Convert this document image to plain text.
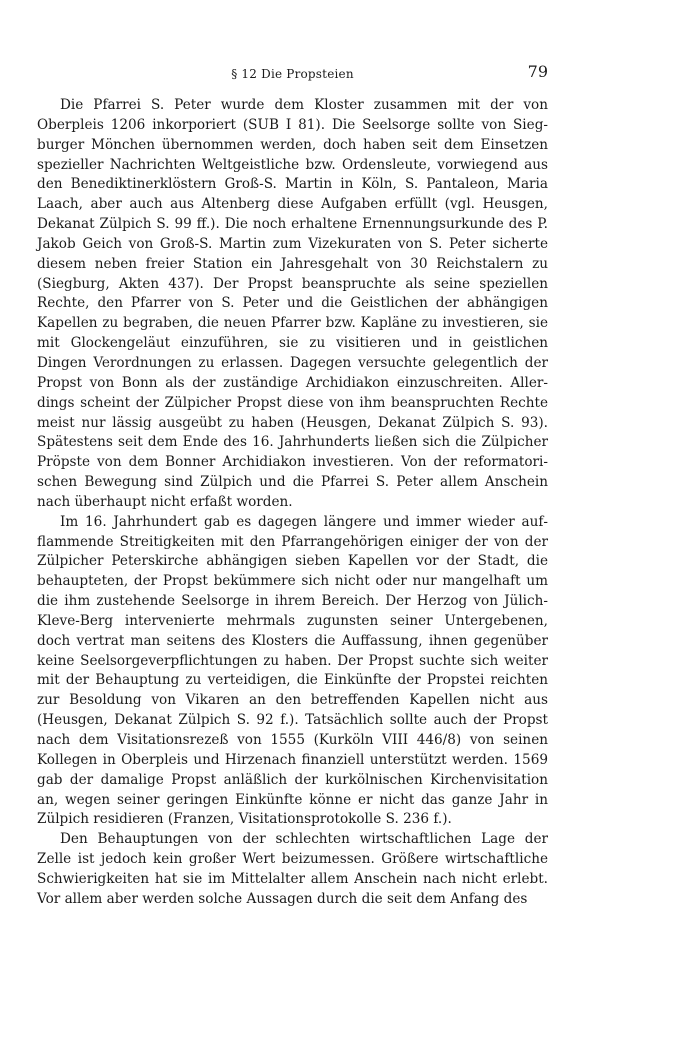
§ 12 Die Propsteien	79

Die Pfarrei S. Peter wurde dem Kloster zusammen mit der von Oberpleis 1206 inkorporiert (SUB I 81). Die Seelsorge sollte von Siegburger Mönchen übernommen werden, doch haben seit dem Einsetzen spezieller Nachrichten Weltgeistliche bzw. Ordensleute, vorwiegend aus den Benediktinerklöstern Groß-S. Martin in Köln, S. Pantaleon, Maria Laach, aber auch aus Altenberg diese Aufgaben erfüllt (vgl. Heusgen, Dekanat Zülpich S. 99 ff.). Die noch erhaltene Ernennungsurkunde des P. Jakob Geich von Groß-S. Martin zum Vizekuraten von S. Peter sicherte diesem neben freier Station ein Jahresgehalt von 30 Reichstalern zu (Siegburg, Akten 437). Der Propst beanspruchte als seine speziellen Rechte, den Pfarrer von S. Peter und die Geistlichen der abhängigen Kapellen zu begraben, die neuen Pfarrer bzw. Kapläne zu investieren, sie mit Glockengeläut einzuführen, sie zu visitieren und in geistlichen Dingen Verordnungen zu erlassen. Dagegen versuchte gelegentlich der Propst von Bonn als der zuständige Archidiakon einzuschreiten. Allerdings scheint der Zülpicher Propst diese von ihm beanspruchten Rechte meist nur lässig ausgeübt zu haben (Heusgen, Dekanat Zülpich S. 93). Spätestens seit dem Ende des 16. Jahrhunderts ließen sich die Zülpicher Pröpste von dem Bonner Archidiakon investieren. Von der reformatorischen Bewegung sind Zülpich und die Pfarrei S. Peter allem Anschein nach überhaupt nicht erfaßt worden.

Im 16. Jahrhundert gab es dagegen längere und immer wieder aufflammende Streitigkeiten mit den Pfarrangehörigen einiger der von der Zülpicher Peterskirche abhängigen sieben Kapellen vor der Stadt, die behaupteten, der Propst bekümmere sich nicht oder nur mangelhaft um die ihm zustehende Seelsorge in ihrem Bereich. Der Herzog von Jülich-Kleve-Berg intervenierte mehrmals zugunsten seiner Untergebenen, doch vertrat man seitens des Klosters die Auffassung, ihnen gegenüber keine Seelsorgeverpflichtungen zu haben. Der Propst suchte sich weiter mit der Behauptung zu verteidigen, die Einkünfte der Propstei reichten zur Besoldung von Vikaren an den betreffenden Kapellen nicht aus (Heusgen, Dekanat Zülpich S. 92 f.). Tatsächlich sollte auch der Propst nach dem Visitationsrezeß von 1555 (Kurköln VIII 446/8) von seinen Kollegen in Oberpleis und Hirzenach finanziell unterstützt werden. 1569 gab der damalige Propst anläßlich der kurkölnischen Kirchenvisitation an, wegen seiner geringen Einkünfte könne er nicht das ganze Jahr in Zülpich residieren (Franzen, Visitationsprotokolle S. 236 f.).

Den Behauptungen von der schlechten wirtschaftlichen Lage der Zelle ist jedoch kein großer Wert beizumessen. Größere wirtschaftliche Schwierigkeiten hat sie im Mittelalter allem Anschein nach nicht erlebt. Vor allem aber werden solche Aussagen durch die seit dem Anfang des
